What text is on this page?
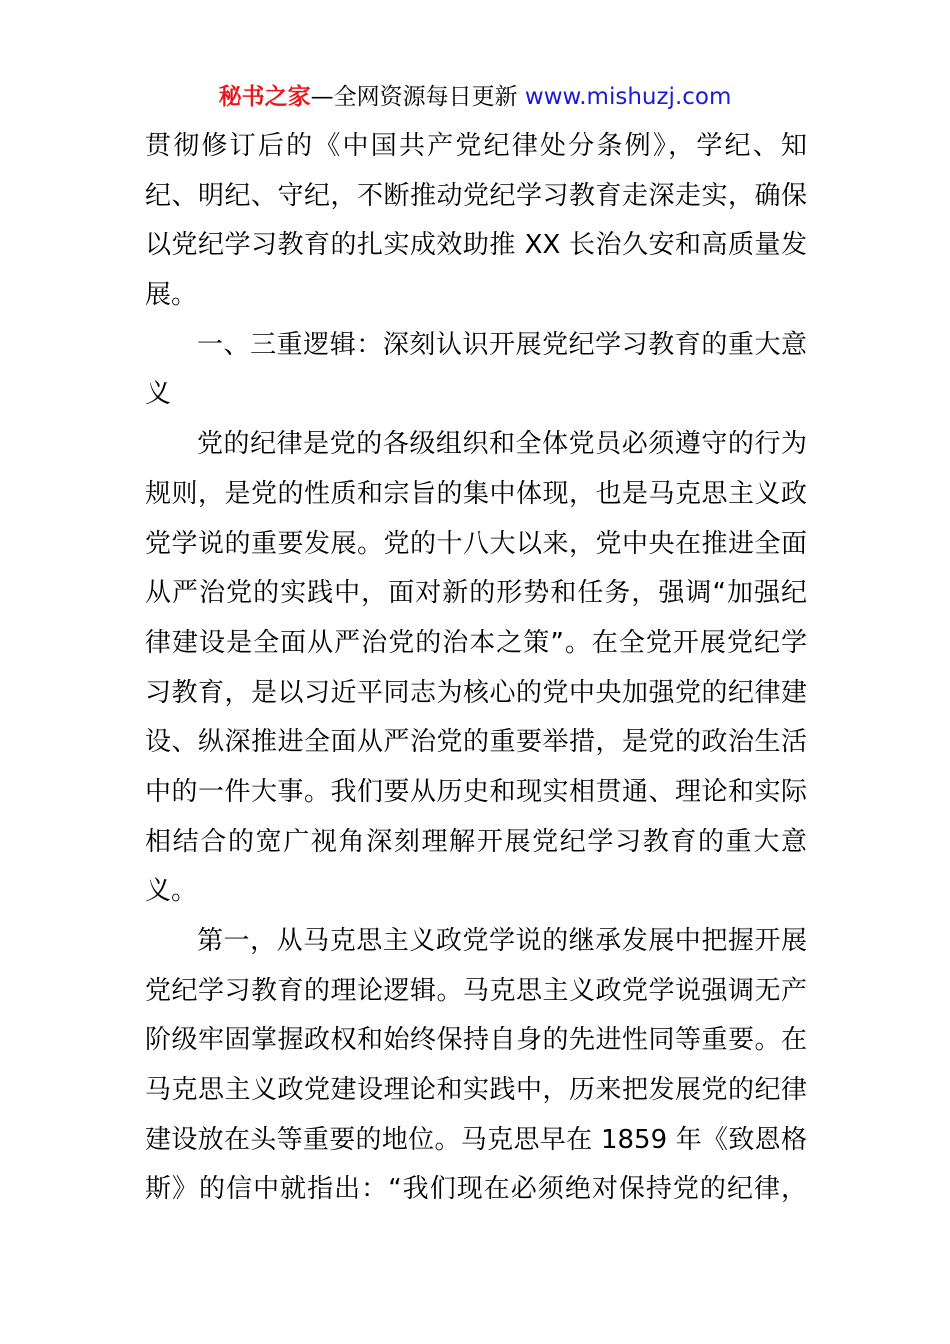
秘书之家—全网资源每日更新 www.mishuzj.com
贯彻修订后的《中国共产党纪律处分条例》，学纪、知
纪、明纪、守纪，不断推动党纪学习教育走深走实，确保
以党纪学习教育的扎实成效助推 XX 长治久安和高质量发
展。
一、三重逻辑：深刻认识开展党纪学习教育的重大意
义
党的纪律是党的各级组织和全体党员必须遵守的行为
规则，是党的性质和宗旨的集中体现，也是马克思主义政
党学说的重要发展。党的十八大以来，党中央在推进全面
从严治党的实践中，面对新的形势和任务，强调“加强纪
律建设是全面从严治党的治本之策”。在全党开展党纪学
习教育，是以习近平同志为核心的党中央加强党的纪律建
设、纵深推进全面从严治党的重要举措，是党的政治生活
中的一件大事。我们要从历史和现实相贯通、理论和实际
相结合的宽广视角深刻理解开展党纪学习教育的重大意
义。
第一，从马克思主义政党学说的继承发展中把握开展
党纪学习教育的理论逻辑。马克思主义政党学说强调无产
阶级牢固掌握政权和始终保持自身的先进性同等重要。在
马克思主义政党建设理论和实践中，历来把发展党的纪律
建设放在头等重要的地位。马克思早在 1859 年《致恩格
斯》的信中就指出：“我们现在必须绝对保持党的纪律，
